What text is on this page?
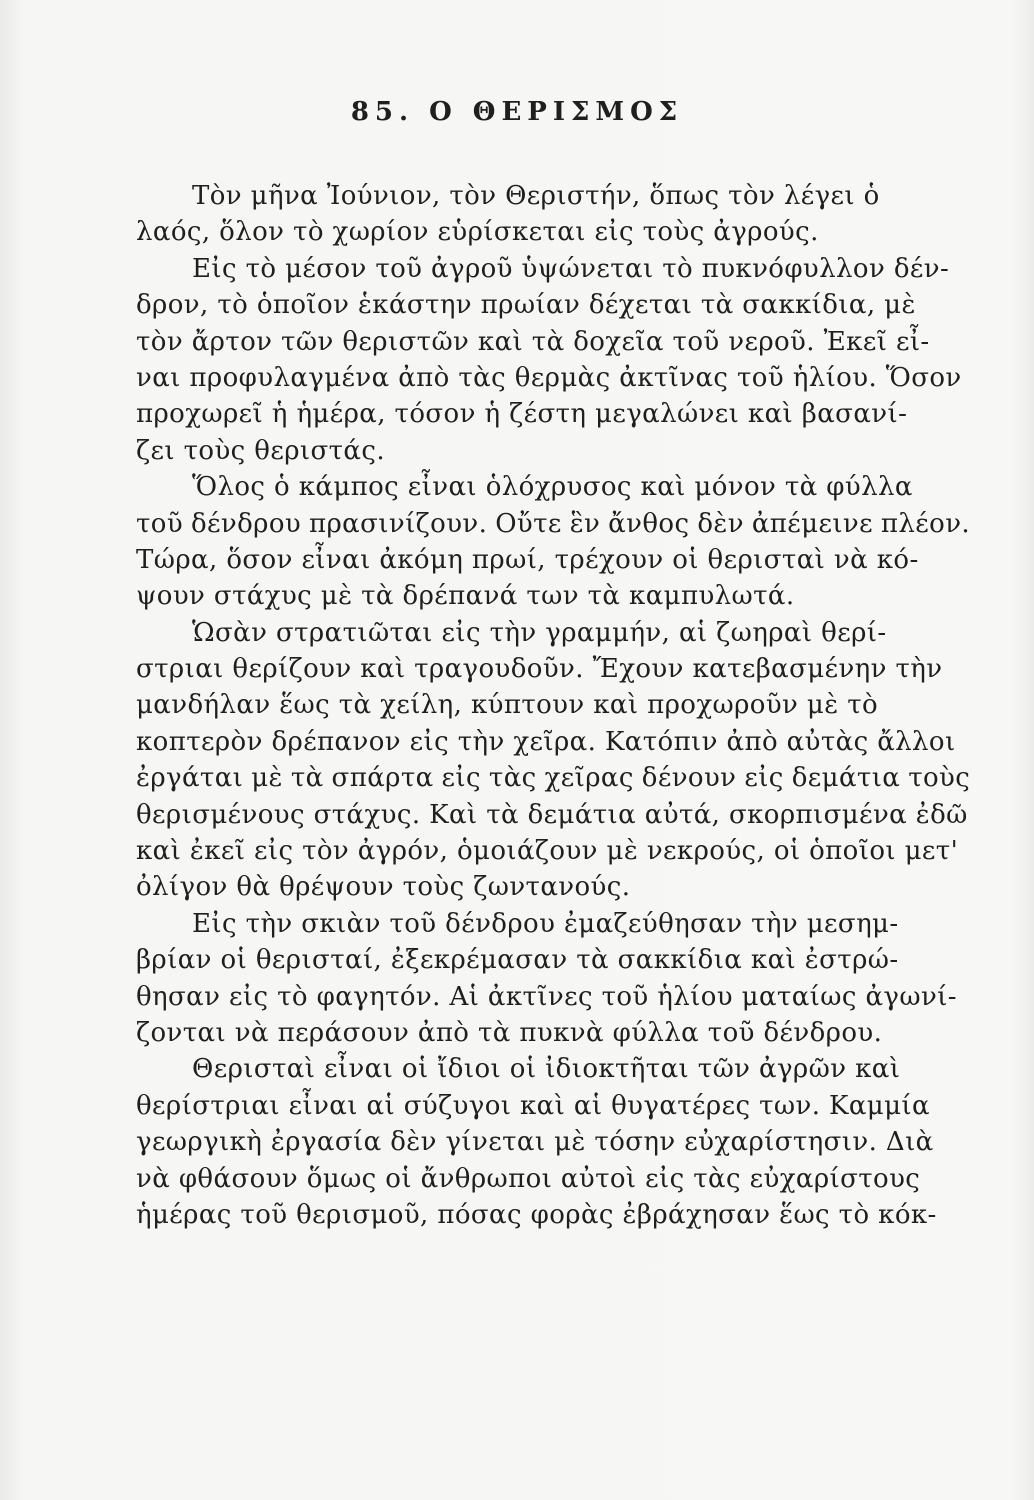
85. Ο ΘΕΡΙΣΜΟΣ
Τὸν μῆνα Ἰούνιον, τὸν Θεριστήν, ὅπως τὸν λέγει ὁ
λαός, ὅλον τὸ χωρίον εὑρίσκεται εἰς τοὺς ἀγρούς.
Εἰς τὸ μέσον τοῦ ἀγροῦ ὑψώνεται τὸ πυκνόφυλλον δέν-
δρον, τὸ ὁποῖον ἑκάστην πρωίαν δέχεται τὰ σακκίδια, μὲ
τὸν ἄρτον τῶν θεριστῶν καὶ τὰ δοχεῖα τοῦ νεροῦ. Ἐκεῖ εἶ-
ναι προφυλαγμένα ἀπὸ τὰς θερμὰς ἀκτῖνας τοῦ ἡλίου. Ὅσον
προχωρεῖ ἡ ἡμέρα, τόσον ἡ ζέστη μεγαλώνει καὶ βασανί-
ζει τοὺς θεριστάς.
Ὅλος ὁ κάμπος εἶναι ὁλόχρυσος καὶ μόνον τὰ φύλλα
τοῦ δένδρου πρασινίζουν. Οὔτε ἓν ἄνθος δὲν ἀπέμεινε πλέον.
Τώρα, ὅσον εἶναι ἀκόμη πρωί, τρέχουν οἱ θερισταὶ νὰ κό-
ψουν στάχυς μὲ τὰ δρέπανά των τὰ καμπυλωτά.
Ὡσὰν στρατιῶται εἰς τὴν γραμμήν, αἱ ζωηραὶ θερί-
στριαι θερίζουν καὶ τραγουδοῦν. Ἔχουν κατεβασμένην τὴν
μανδήλαν ἕως τὰ χείλη, κύπτουν καὶ προχωροῦν μὲ τὸ
κοπτερὸν δρέπανον εἰς τὴν χεῖρα. Κατόπιν ἀπὸ αὐτὰς ἄλλοι
ἐργάται μὲ τὰ σπάρτα εἰς τὰς χεῖρας δένουν εἰς δεμάτια τοὺς
θερισμένους στάχυς. Καὶ τὰ δεμάτια αὐτά, σκορπισμένα ἐδῶ
καὶ ἐκεῖ εἰς τὸν ἀγρόν, ὁμοιάζουν μὲ νεκρούς, οἱ ὁποῖοι μετ'
ὀλίγον θὰ θρέψουν τοὺς ζωντανούς.
Εἰς τὴν σκιὰν τοῦ δένδρου ἐμαζεύθησαν τὴν μεσημ-
βρίαν οἱ θερισταί, ἐξεκρέμασαν τὰ σακκίδια καὶ ἐστρώ-
θησαν εἰς τὸ φαγητόν. Αἱ ἀκτῖνες τοῦ ἡλίου ματαίως ἀγωνί-
ζονται νὰ περάσουν ἀπὸ τὰ πυκνὰ φύλλα τοῦ δένδρου.
Θερισταὶ εἶναι οἱ ἴδιοι οἱ ἰδιοκτῆται τῶν ἀγρῶν καὶ
θερίστριαι εἶναι αἱ σύζυγοι καὶ αἱ θυγατέρες των. Καμμία
γεωργικὴ ἐργασία δὲν γίνεται μὲ τόσην εὐχαρίστησιν. Διὰ
νὰ φθάσουν ὅμως οἱ ἄνθρωποι αὐτοὶ εἰς τὰς εὐχαρίστους
ἡμέρας τοῦ θερισμοῦ, πόσας φορὰς ἐβράχησαν ἕως τὸ κόκ-
